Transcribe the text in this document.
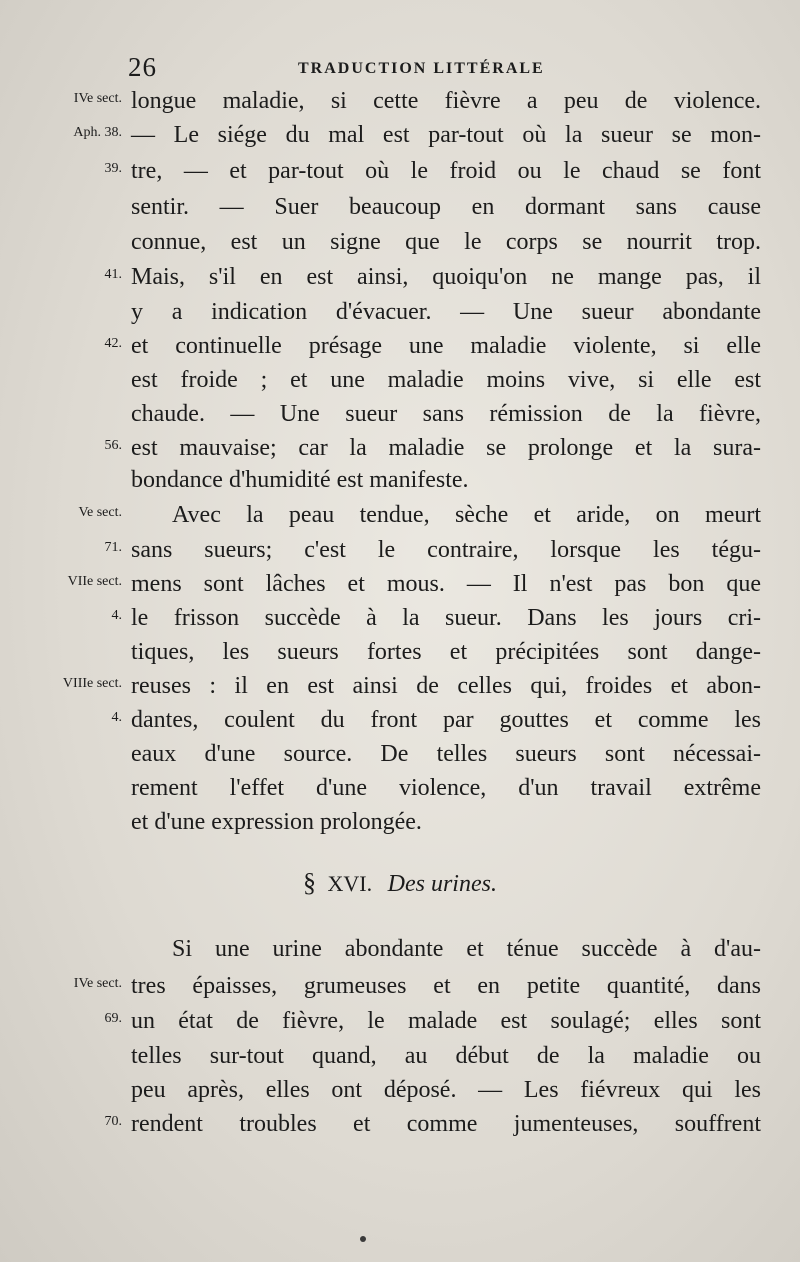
26	TRADUCTION LITTÉRALE
IVe sect. longue maladie, si cette fièvre a peu de violence.
Aph. 38. — Le siége du mal est par-tout où la sueur se mon-
39. tre, — et par-tout où le froid ou le chaud se font
sentir. — Suer beaucoup en dormant sans cause
connue, est un signe que le corps se nourrit trop.
41. Mais, s'il en est ainsi, quoiqu'on ne mange pas, il
y a indication d'évacuer. — Une sueur abondante
42. et continuelle présage une maladie violente, si elle
est froide ; et une maladie moins vive, si elle est
chaude. — Une sueur sans rémission de la fièvre,
56. est mauvaise; car la maladie se prolonge et la sura-
bondance d'humidité est manifeste.
Ve sect. Avec la peau tendue, sèche et aride, on meurt
71. sans sueurs; c'est le contraire, lorsque les tégu-
VIIe sect. mens sont lâches et mous. — Il n'est pas bon que
4. le frisson succède à la sueur. Dans les jours cri-
tiques, les sueurs fortes et précipitées sont dange-
VIIIe sect. reuses : il en est ainsi de celles qui, froides et abon-
4. dantes, coulent du front par gouttes et comme les
eaux d'une source. De telles sueurs sont nécessai-
rement l'effet d'une violence, d'un travail extrême
et d'une expression prolongée.
§ XVI. Des urines.
Si une urine abondante et ténue succède à d'au-
IVe sect. tres épaisses, grumeuses et en petite quantité, dans
69. un état de fièvre, le malade est soulagé; elles sont
telles sur-tout quand, au début de la maladie ou
peu après, elles ont déposé. — Les fiévreux qui les
70. rendent troubles et comme jumenteuses, souffrent
